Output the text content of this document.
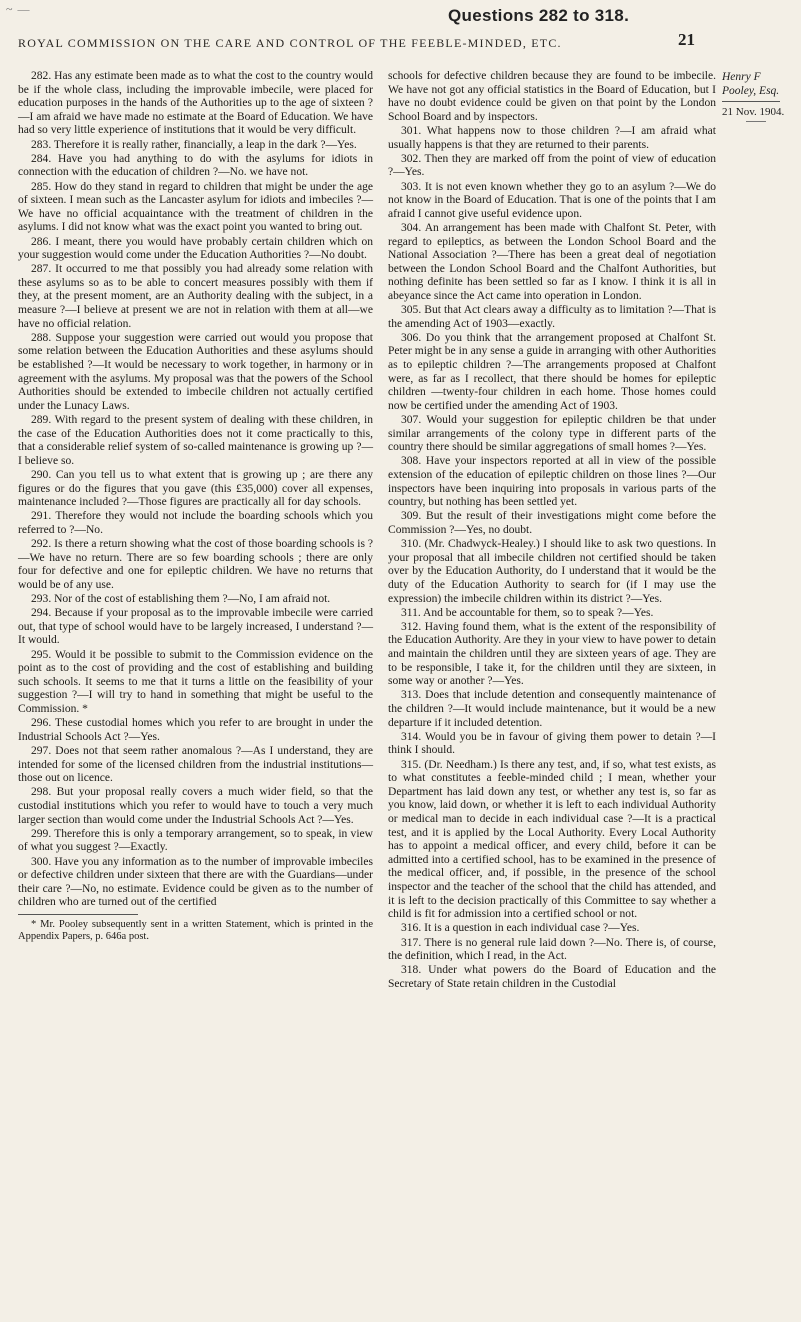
~ —	Questions 282 to 318.
ROYAL COMMISSION ON THE CARE AND CONTROL OF THE FEEBLE-MINDED, ETC.	21

282. Has any estimate been made as to what the cost to the country would be if the whole class, including the improvable imbecile, were placed for education purposes in the hands of the Authorities up to the age of sixteen ?—I am afraid we have made no estimate at the Board of Education. We have had so very little experience of institutions that it would be very difficult.

283. Therefore it is really rather, financially, a leap in the dark ?—Yes.

284. Have you had anything to do with the asylums for idiots in connection with the education of children ?—No. we have not.

285. How do they stand in regard to children that might be under the age of sixteen. I mean such as the Lancaster asylum for idiots and imbeciles ?—We have no official acquaintance with the treatment of children in the asylums. I did not know what was the exact point you wanted to bring out.

286. I meant, there you would have probably certain children which on your suggestion would come under the Education Authorities ?—No doubt.

287. It occurred to me that possibly you had already some relation with these asylums so as to be able to concert measures possibly with them if they, at the present moment, are an Authority dealing with the subject, in a measure ?—I believe at present we are not in relation with them at all—we have no official relation.

288. Suppose your suggestion were carried out would you propose that some relation between the Education Authorities and these asylums should be established ?—It would be necessary to work together, in harmony or in agreement with the asylums. My proposal was that the powers of the School Authorities should be extended to imbecile children not actually certified under the Lunacy Laws.

289. With regard to the present system of dealing with these children, in the case of the Education Authorities does not it come practically to this, that a considerable relief system of so-called maintenance is growing up ?—I believe so.

290. Can you tell us to what extent that is growing up ; are there any figures or do the figures that you gave (this £35,000) cover all expenses, maintenance included ?—Those figures are practically all for day schools.

291. Therefore they would not include the boarding schools which you referred to ?—No.

292. Is there a return showing what the cost of those boarding schools is ?—We have no return. There are so few boarding schools ; there are only four for defective and one for epileptic children. We have no returns that would be of any use.

293. Nor of the cost of establishing them ?—No, I am afraid not.

294. Because if your proposal as to the improvable imbecile were carried out, that type of school would have to be largely increased, I understand ?—It would.

295. Would it be possible to submit to the Commission evidence on the point as to the cost of providing and the cost of establishing and building such schools. It seems to me that it turns a little on the feasibility of your suggestion ?—I will try to hand in something that might be useful to the Commission. *

296. These custodial homes which you refer to are brought in under the Industrial Schools Act ?—Yes.

297. Does not that seem rather anomalous ?—As I understand, they are intended for some of the licensed children from the industrial institutions—those out on licence.

298. But your proposal really covers a much wider field, so that the custodial institutions which you refer to would have to touch a very much larger section than would come under the Industrial Schools Act ?—Yes.

299. Therefore this is only a temporary arrangement, so to speak, in view of what you suggest ?—Exactly.

300. Have you any information as to the number of improvable imbeciles or defective children under sixteen that there are with the Guardians—under their care ?—No, no estimate. Evidence could be given as to the number of children who are turned out of the certified

* Mr. Pooley subsequently sent in a written Statement, which is printed in the Appendix Papers, p. 646a post.

schools for defective children because they are found to be imbecile. We have not got any official statistics in the Board of Education, but I have no doubt evidence could be given on that point by the London School Board and by inspectors.

301. What happens now to those children ?—I am afraid what usually happens is that they are returned to their parents.

302. Then they are marked off from the point of view of education ?—Yes.

303. It is not even known whether they go to an asylum ?—We do not know in the Board of Education. That is one of the points that I am afraid I cannot give useful evidence upon.

304. An arrangement has been made with Chalfont St. Peter, with regard to epileptics, as between the London School Board and the National Association ?—There has been a great deal of negotiation between the London School Board and the Chalfont Authorities, but nothing definite has been settled so far as I know. I think it is all in abeyance since the Act came into operation in London.

305. But that Act clears away a difficulty as to limitation ?—That is the amending Act of 1903—exactly.

306. Do you think that the arrangement proposed at Chalfont St. Peter might be in any sense a guide in arranging with other Authorities as to epileptic children ?—The arrangements proposed at Chalfont were, as far as I recollect, that there should be homes for epileptic children —twenty-four children in each home. Those homes could now be certified under the amending Act of 1903.

307. Would your suggestion for epileptic children be that under similar arrangements of the colony type in different parts of the country there should be similar aggregations of small homes ?—Yes.

308. Have your inspectors reported at all in view of the possible extension of the education of epileptic children on those lines ?—Our inspectors have been inquiring into proposals in various parts of the country, but nothing has been settled yet.

309. But the result of their investigations might come before the Commission ?—Yes, no doubt.

310. (Mr. Chadwyck-Healey.) I should like to ask two questions. In your proposal that all imbecile children not certified should be taken over by the Education Authority, do I understand that it would be the duty of the Education Authority to search for (if I may use the expression) the imbecile children within its district ?—Yes.

311. And be accountable for them, so to speak ?—Yes.

312. Having found them, what is the extent of the responsibility of the Education Authority. Are they in your view to have power to detain and maintain the children until they are sixteen years of age. They are to be responsible, I take it, for the children until they are sixteen, in some way or another ?—Yes.

313. Does that include detention and consequently maintenance of the children ?—It would include maintenance, but it would be a new departure if it included detention.

314. Would you be in favour of giving them power to detain ?—I think I should.

315. (Dr. Needham.) Is there any test, and, if so, what test exists, as to what constitutes a feeble-minded child ; I mean, whether your Department has laid down any test, or whether any test is, so far as you know, laid down, or whether it is left to each individual Authority or medical man to decide in each individual case ?—It is a practical test, and it is applied by the Local Authority. Every Local Authority has to appoint a medical officer, and every child, before it can be admitted into a certified school, has to be examined in the presence of the medical officer, and, if possible, in the presence of the school inspector and the teacher of the school that the child has attended, and it is left to the decision practically of this Committee to say whether a child is fit for admission into a certified school or not.

316. It is a question in each individual case ?—Yes.

317. There is no general rule laid down ?—No. There is, of course, the definition, which I read, in the Act.

318. Under what powers do the Board of Education and the Secretary of State retain children in the Custodial

Henry F
Pooley, Esq.
21 Nov. 1904.
